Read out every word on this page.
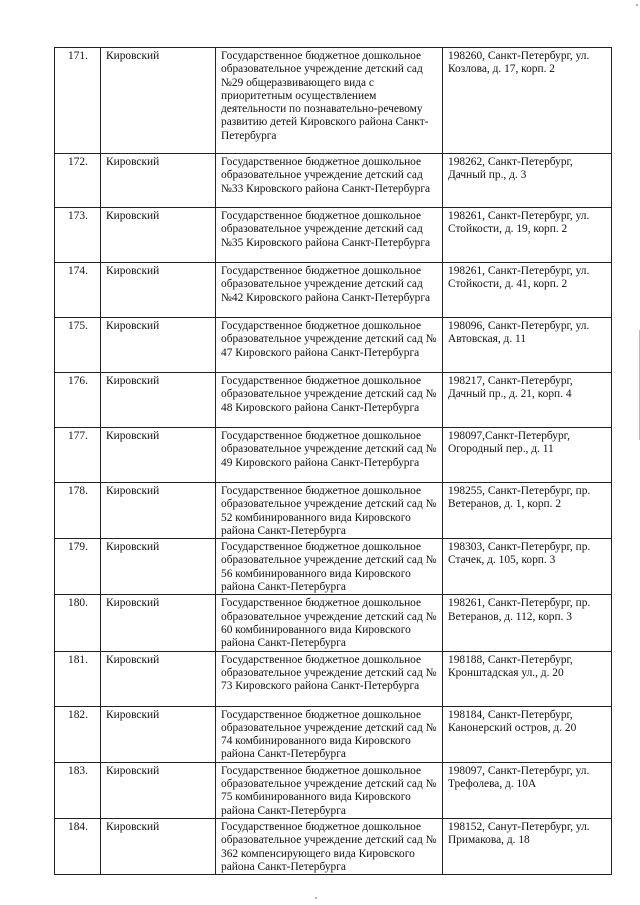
171.	Кировский	Государственное бюджетное дошкольное образовательное учреждение детский сад №29 общеразвивающего вида с приоритетным осуществлением деятельности по познавательно-речевому развитию детей Кировского района Санкт-Петербурга	198260, Санкт-Петербург, ул. Козлова, д. 17, корп. 2
172.	Кировский	Государственное бюджетное дошкольное образовательное учреждение детский сад №33 Кировского района Санкт-Петербурга	198262, Санкт-Петербург, Дачный пр., д. 3
173.	Кировский	Государственное бюджетное дошкольное образовательное учреждение детский сад №35 Кировского района Санкт-Петербурга	198261, Санкт-Петербург, ул. Стойкости, д. 19, корп. 2
174.	Кировский	Государственное бюджетное дошкольное образовательное учреждение детский сад №42 Кировского района Санкт-Петербурга	198261, Санкт-Петербург, ул. Стойкости, д. 41, корп. 2
175.	Кировский	Государственное бюджетное дошкольное образовательное учреждение детский сад № 47 Кировского района Санкт-Петербурга	198096, Санкт-Петербург, ул. Автовская, д. 11
176.	Кировский	Государственное бюджетное дошкольное образовательное учреждение детский сад № 48 Кировского района Санкт-Петербурга	198217, Санкт-Петербург, Дачный пр., д. 21, корп. 4
177.	Кировский	Государственное бюджетное дошкольное образовательное учреждение детский сад № 49 Кировского района Санкт-Петербурга	198097,Санкт-Петербург, Огородный пер., д. 11
178.	Кировский	Государственное бюджетное дошкольное образовательное учреждение детский сад № 52 комбинированного вида Кировского района Санкт-Петербурга	198255, Санкт-Петербург, пр. Ветеранов, д. 1, корп. 2
179.	Кировский	Государственное бюджетное дошкольное образовательное учреждение детский сад № 56 комбинированного вида Кировского района Санкт-Петербурга	198303, Санкт-Петербург, пр. Стачек, д. 105, корп. 3
180.	Кировский	Государственное бюджетное дошкольное образовательное учреждение детский сад № 60 комбинированного вида Кировского района Санкт-Петербурга	198261, Санкт-Петербург, пр. Ветеранов, д. 112, корп. 3
181.	Кировский	Государственное бюджетное дошкольное образовательное учреждение детский сад № 73 Кировского района Санкт-Петербурга	198188, Санкт-Петербург, Кронштадская ул., д. 20
182.	Кировский	Государственное бюджетное дошкольное образовательное учреждение детский сад № 74 комбинированного вида Кировского района Санкт-Петербурга	198184, Санкт-Петербург, Канонерский остров, д. 20
183.	Кировский	Государственное бюджетное дошкольное образовательное учреждение детский сад № 75 комбинированного вида Кировского района Санкт-Петербурга	198097, Санкт-Петербург, ул. Трефолева, д. 10А
184.	Кировский	Государственное бюджетное дошкольное образовательное учреждение детский сад № 362 компенсирующего вида Кировского района Санкт-Петербурга	198152, Санут-Петербург, ул. Примакова, д. 18
